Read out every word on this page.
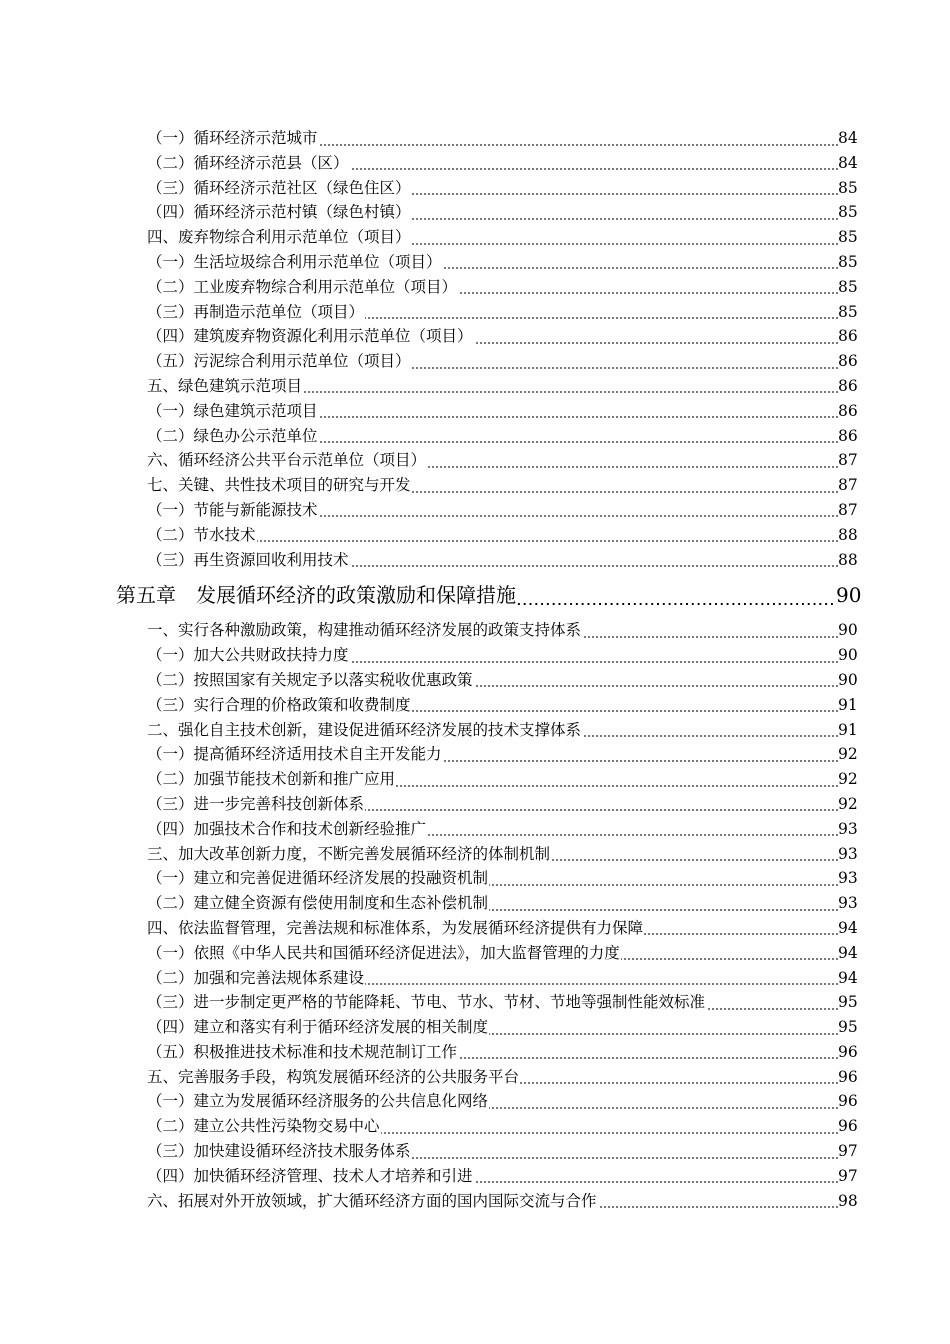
（一）循环经济示范城市	84
（二）循环经济示范县（区）	84
（三）循环经济示范社区（绿色住区）	85
（四）循环经济示范村镇（绿色村镇）	85
四、废弃物综合利用示范单位（项目）	85
（一）生活垃圾综合利用示范单位（项目）	85
（二）工业废弃物综合利用示范单位（项目）	85
（三）再制造示范单位（项目）	85
（四）建筑废弃物资源化利用示范单位（项目）	86
（五）污泥综合利用示范单位（项目）	86
五、绿色建筑示范项目	86
（一）绿色建筑示范项目	86
（二）绿色办公示范单位	86
六、循环经济公共平台示范单位（项目）	87
七、关键、共性技术项目的研究与开发	87
（一）节能与新能源技术	87
（二）节水技术	88
（三）再生资源回收利用技术	88
第五章　发展循环经济的政策激励和保障措施	90
一、实行各种激励政策，构建推动循环经济发展的政策支持体系	90
（一）加大公共财政扶持力度	90
（二）按照国家有关规定予以落实税收优惠政策	90
（三）实行合理的价格政策和收费制度	91
二、强化自主技术创新，建设促进循环经济发展的技术支撑体系	91
（一）提高循环经济适用技术自主开发能力	92
（二）加强节能技术创新和推广应用	92
（三）进一步完善科技创新体系	92
（四）加强技术合作和技术创新经验推广	93
三、加大改革创新力度，不断完善发展循环经济的体制机制	93
（一）建立和完善促进循环经济发展的投融资机制	93
（二）建立健全资源有偿使用制度和生态补偿机制	93
四、依法监督管理，完善法规和标准体系，为发展循环经济提供有力保障	94
（一）依照《中华人民共和国循环经济促进法》，加大监督管理的力度	94
（二）加强和完善法规体系建设	94
（三）进一步制定更严格的节能降耗、节电、节水、节材、节地等强制性能效标准	95
（四）建立和落实有利于循环经济发展的相关制度	95
（五）积极推进技术标准和技术规范制订工作	96
五、完善服务手段，构筑发展循环经济的公共服务平台	96
（一）建立为发展循环经济服务的公共信息化网络	96
（二）建立公共性污染物交易中心	96
（三）加快建设循环经济技术服务体系	97
（四）加快循环经济管理、技术人才培养和引进	97
六、拓展对外开放领域，扩大循环经济方面的国内国际交流与合作	98
